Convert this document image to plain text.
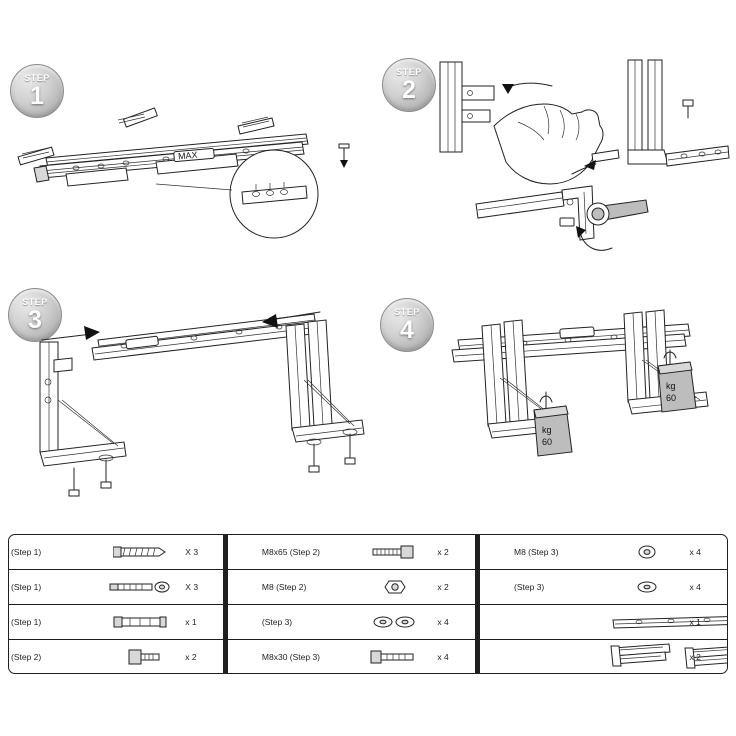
STEP
1
MAX
STEP
2
STEP
3	STEP
4
kg
60
kg
60
(Step 1)		X 3		M8x65 (Step 2)		x 2		M8 (Step 3)		x 4
(Step 1)		X 3		M8 (Step 2)		x 2		(Step 3)		x 4
(Step 1)		x 1		(Step 3)		x 4				x 1
(Step 2)		x 2		M8x30 (Step 3)		x 4				x 2
